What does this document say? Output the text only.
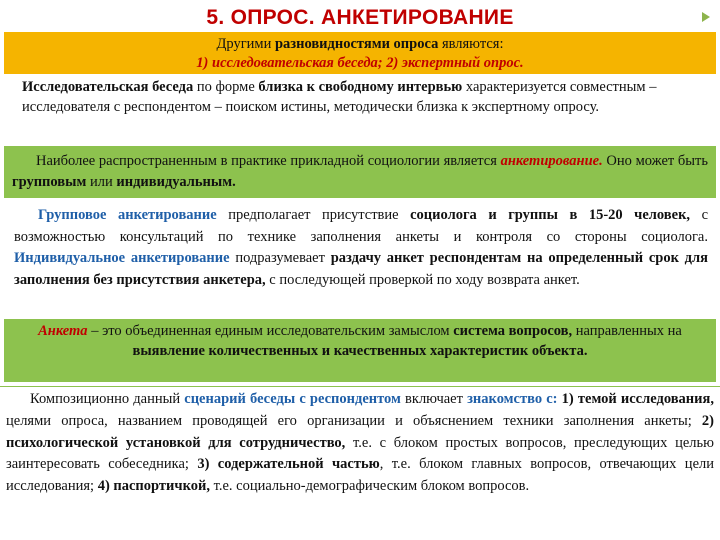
5. ОПРОС. АНКЕТИРОВАНИЕ
Другими разновидностями опроса являются:
1) исследовательская беседа; 2) экспертный опрос.
Исследовательская беседа по форме близка к свободному интервью характеризуется совместным – исследователя с респондентом – поиском истины, методически близка к экспертному опросу.
Наиболее распространенным в практике прикладной социологии является анкетирование. Оно может быть групповым или индивидуальным.
Групповое анкетирование предполагает присутствие социолога и группы в 15-20 человек, с возможностью консультаций по технике заполнения анкеты и контроля со стороны социолога. Индивидуальное анкетирование подразумевает раздачу анкет респондентам на определенный срок для заполнения без присутствия анкетера, с последующей проверкой по ходу возврата анкет.
Анкета – это объединенная единым исследовательским замыслом система вопросов, направленных на выявление количественных и качественных характеристик объекта.
Композиционно данный сценарий беседы с респондентом включает знакомство с: 1) темой исследования, целями опроса, названием проводящей его организации и объяснением техники заполнения анкеты; 2) психологической установкой для сотрудничество, т.е. с блоком простых вопросов, преследующих целью заинтересовать собеседника; 3) содержательной частью, т.е. блоком главных вопросов, отвечающих цели исследования; 4) паспортичкой, т.е. социально-демографическим блоком вопросов.
